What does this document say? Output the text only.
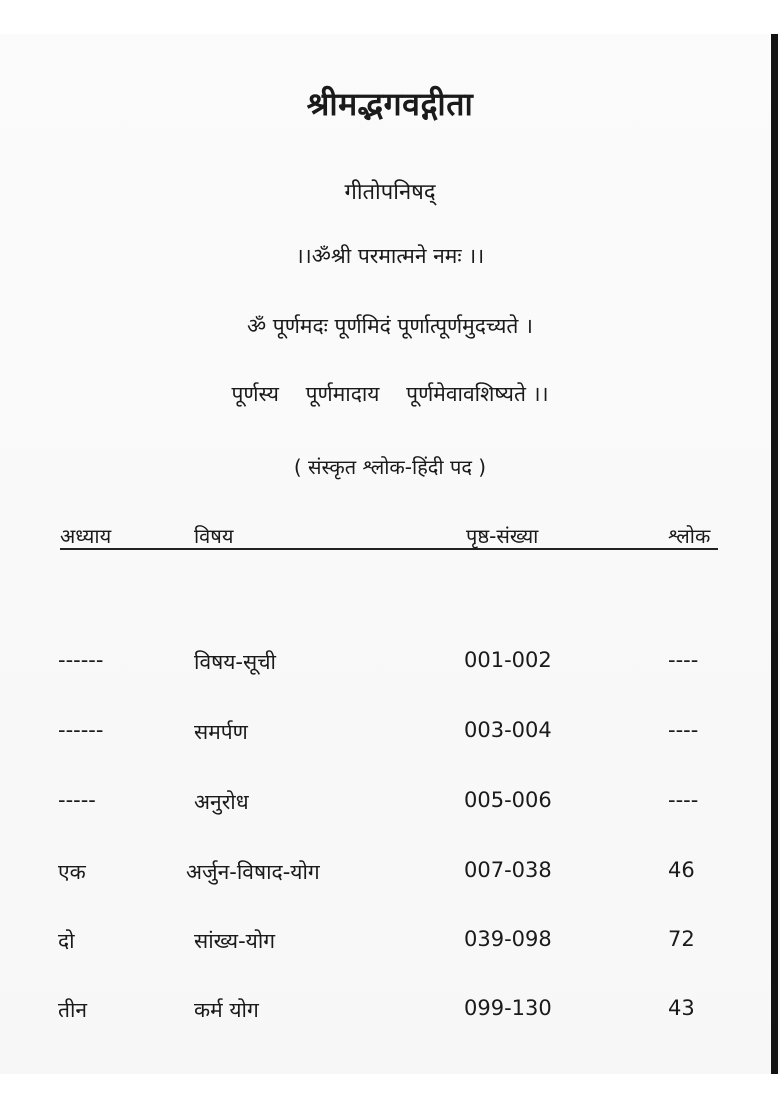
श्रीमद्भगवद्गीता
गीतोपनिषद्
।।ॐश्री परमात्मने नमः ।।
ॐ पूर्णमदः पूर्णमिदं पूर्णात्पूर्णमुदच्यते ।
पूर्णस्य    पूर्णमादाय    पूर्णमेवावशिष्यते ।।
( संस्कृत श्लोक-हिंदी पद )
अध्याय	विषय	पृष्ठ-संख्या	श्लोक
------	विषय-सूची	001-002	----
------	समर्पण	003-004	----
-----	अनुरोध	005-006	----
एक	अर्जुन-विषाद-योग	007-038	46
दो	सांख्य-योग	039-098	72
तीन	कर्म योग	099-130	43
